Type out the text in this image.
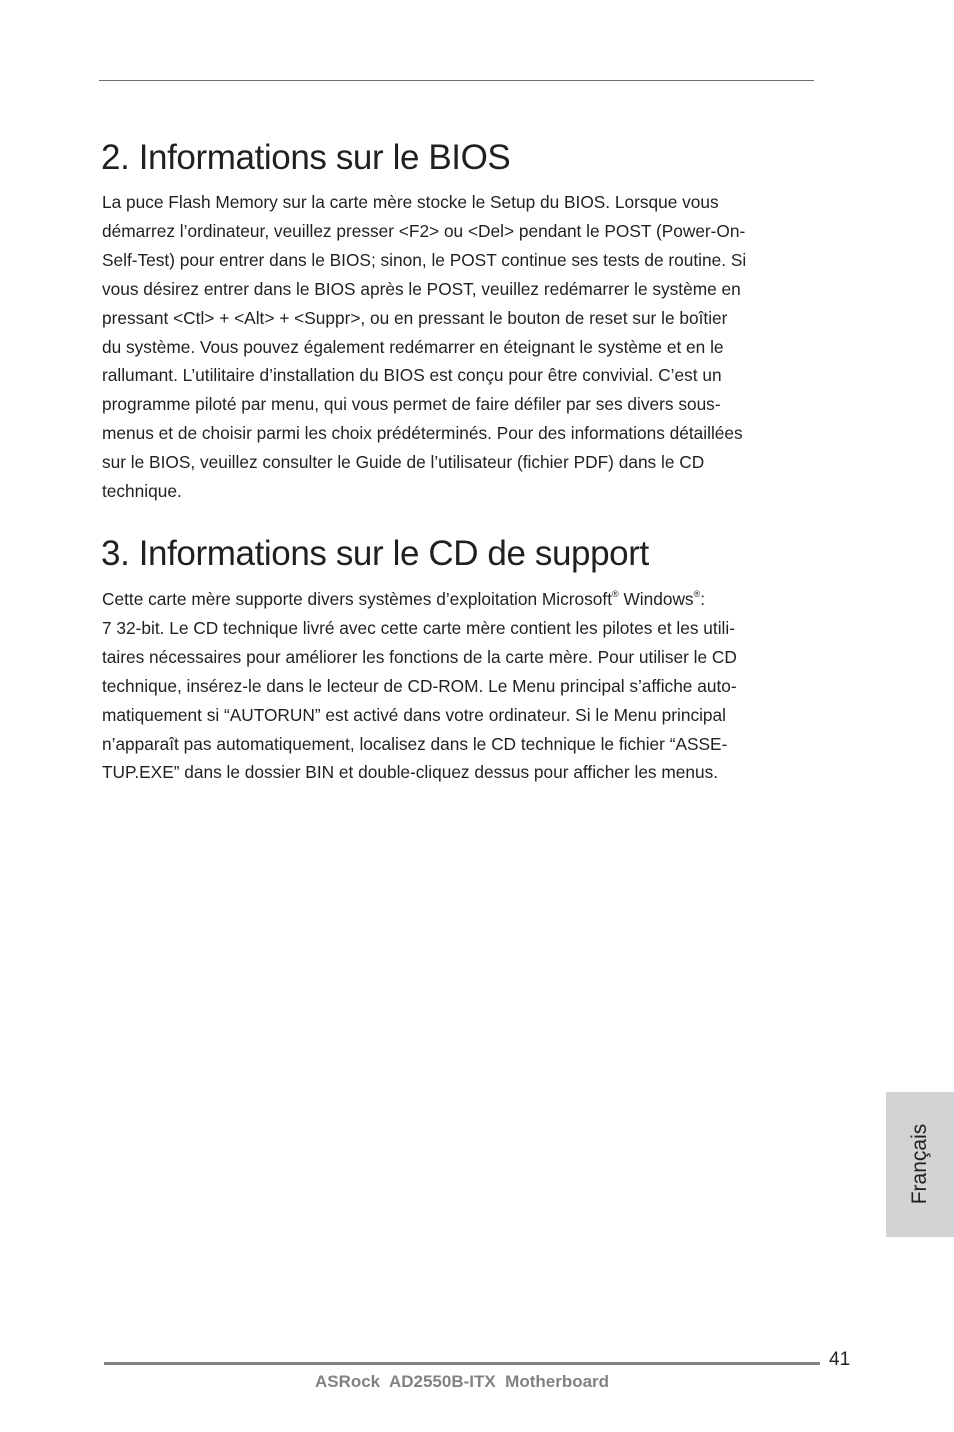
2. Informations sur le BIOS

La puce Flash Memory sur la carte mère stocke le Setup du BIOS. Lorsque vous
démarrez l’ordinateur, veuillez presser <F2> ou <Del> pendant le POST (Power-On-
Self-Test) pour entrer dans le BIOS; sinon, le POST continue ses tests de routine. Si
vous désirez entrer dans le BIOS après le POST, veuillez redémarrer le système en
pressant <Ctl> + <Alt> + <Suppr>, ou en pressant le bouton de reset sur le boîtier
du système. Vous pouvez également redémarrer en éteignant le système et en le
rallumant. L’utilitaire d’installation du BIOS est conçu pour être convivial. C’est un
programme piloté par menu, qui vous permet de faire défiler par ses divers sous-
menus et de choisir parmi les choix prédéterminés. Pour des informations détaillées
sur le BIOS, veuillez consulter le Guide de l’utilisateur (fichier PDF) dans le CD
technique.

3. Informations sur le CD de support

Cette carte mère supporte divers systèmes d’exploitation Microsoft® Windows®:
7 32-bit. Le CD technique livré avec cette carte mère contient les pilotes et les utili-
taires nécessaires pour améliorer les fonctions de la carte mère. Pour utiliser le CD
technique, insérez-le dans le lecteur de CD-ROM. Le Menu principal s’affiche auto-
matiquement si “AUTORUN” est activé dans votre ordinateur. Si le Menu principal
n’apparaît pas automatiquement, localisez dans le CD technique le fichier “ASSE-
TUP.EXE” dans le dossier BIN et double-cliquez dessus pour afficher les menus.

Français
41
ASRock  AD2550B-ITX  Motherboard
